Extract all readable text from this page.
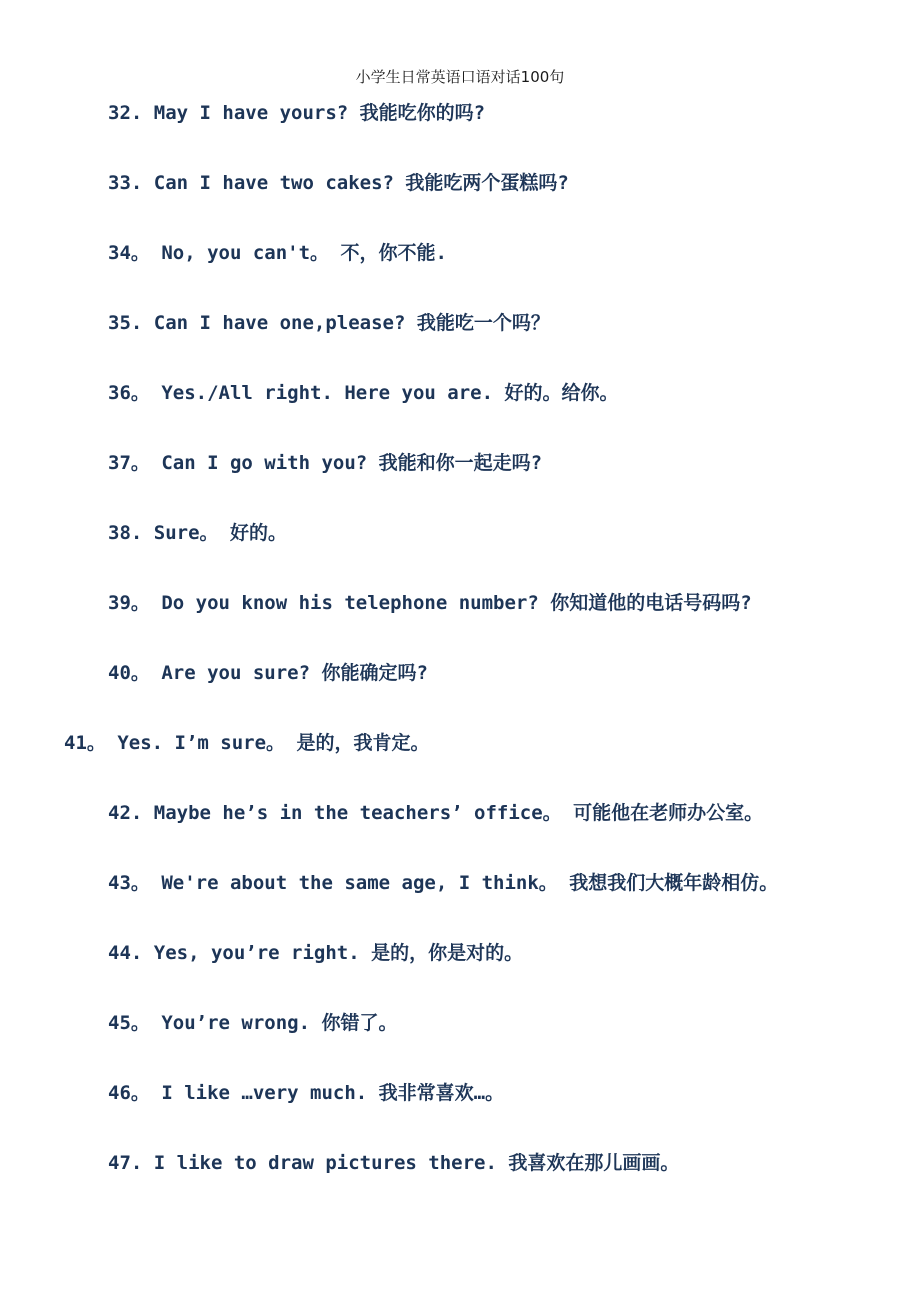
小学生日常英语口语对话100句
32. May I have yours? 我能吃你的吗?
33. Can I have two cakes? 我能吃两个蛋糕吗?
34。 No, you can't。 不，你不能.
35. Can I have one,please? 我能吃一个吗？
36。 Yes./All right. Here you are. 好的。给你。
37。 Can I go with you? 我能和你一起走吗?
38. Sure。 好的。
39。 Do you know his telephone number? 你知道他的电话号码吗?
40。 Are you sure? 你能确定吗?
41。 Yes. I’m sure。 是的，我肯定。
42. Maybe he’s in the teachers’ office。 可能他在老师办公室。
43。 We're about the same age, I think。 我想我们大概年龄相仿。
44. Yes, you’re right. 是的，你是对的。
45。 You’re wrong. 你错了。
46。 I like …very much. 我非常喜欢…。
47. I like to draw pictures there. 我喜欢在那儿画画。
